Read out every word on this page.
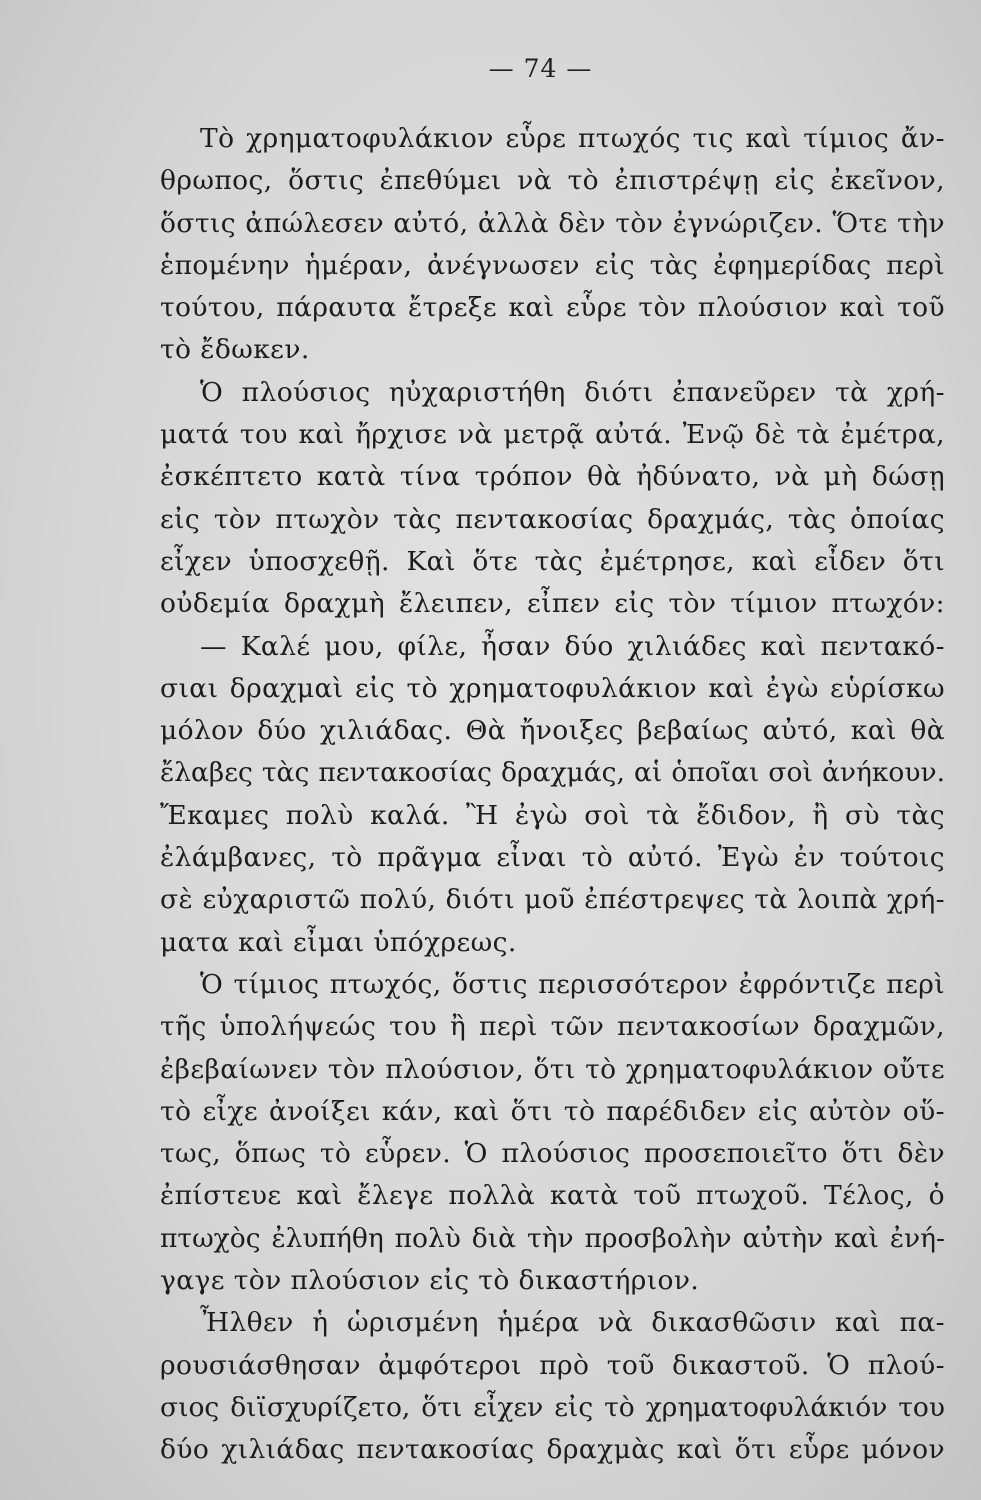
— 74 —
Τὸ χρηματοφυλάκιον εὗρε πτωχός τις καὶ τίμιος ἄν-
θρωπος, ὅστις ἐπεθύμει νὰ τὸ ἐπιστρέψῃ εἰς ἐκεῖνον,
ὅστις ἀπώλεσεν αὐτό, ἀλλὰ δὲν τὸν ἐγνώριζεν. Ὅτε τὴν
ἑπομένην ἡμέραν, ἀνέγνωσεν εἰς τὰς ἐφημερίδας περὶ
τούτου, πάραυτα ἔτρεξε καὶ εὗρε τὸν πλούσιον καὶ τοῦ
τὸ ἔδωκεν.
Ὁ πλούσιος ηὐχαριστήθη διότι ἐπανεῦρεν τὰ χρή-
ματά του καὶ ἤρχισε νὰ μετρᾷ αὐτά. Ἐνῷ δὲ τὰ ἐμέτρα,
ἐσκέπτετο κατὰ τίνα τρόπον θὰ ἠδύνατο, νὰ μὴ δώσῃ
εἰς τὸν πτωχὸν τὰς πεντακοσίας δραχμάς, τὰς ὁποίας
εἶχεν ὑποσχεθῇ. Καὶ ὅτε τὰς ἐμέτρησε, καὶ εἶδεν ὅτι
οὐδεμία δραχμὴ ἔλειπεν, εἶπεν εἰς τὸν τίμιον πτωχόν:
— Καλέ μου, φίλε, ἦσαν δύο χιλιάδες καὶ πεντακό-
σιαι δραχμαὶ εἰς τὸ χρηματοφυλάκιον καὶ ἐγὼ εὑρίσκω
μόλον δύο χιλιάδας. Θὰ ἤνοιξες βεβαίως αὐτό, καὶ θὰ
ἔλαβες τὰς πεντακοσίας δραχμάς, αἱ ὁποῖαι σοὶ ἀνήκουν.
Ἔκαμες πολὺ καλά. Ἢ ἐγὼ σοὶ τὰ ἔδιδον, ἢ σὺ τὰς
ἐλάμβανες, τὸ πρᾶγμα εἶναι τὸ αὐτό. Ἐγὼ ἐν τούτοις
σὲ εὐχαριστῶ πολύ, διότι μοῦ ἐπέστρεψες τὰ λοιπὰ χρή-
ματα καὶ εἶμαι ὑπόχρεως.
Ὁ τίμιος πτωχός, ὅστις περισσότερον ἐφρόντιζε περὶ
τῆς ὑπολήψεώς του ἢ περὶ τῶν πεντακοσίων δραχμῶν,
ἐβεβαίωνεν τὸν πλούσιον, ὅτι τὸ χρηματοφυλάκιον οὔτε
τὸ εἶχε ἀνοίξει κάν, καὶ ὅτι τὸ παρέδιδεν εἰς αὐτὸν οὕ-
τως, ὅπως τὸ εὗρεν. Ὁ πλούσιος προσεποιεῖτο ὅτι δὲν
ἐπίστευε καὶ ἔλεγε πολλὰ κατὰ τοῦ πτωχοῦ. Τέλος, ὁ
πτωχὸς ἐλυπήθη πολὺ διὰ τὴν προσβολὴν αὐτὴν καὶ ἐνή-
γαγε τὸν πλούσιον εἰς τὸ δικαστήριον.
Ἦλθεν ἡ ὡρισμένη ἡμέρα νὰ δικασθῶσιν καὶ πα-
ρουσιάσθησαν ἀμφότεροι πρὸ τοῦ δικαστοῦ. Ὁ πλού-
σιος διϊσχυρίζετο, ὅτι εἶχεν εἰς τὸ χρηματοφυλάκιόν του
δύο χιλιάδας πεντακοσίας δραχμὰς καὶ ὅτι εὗρε μόνον
